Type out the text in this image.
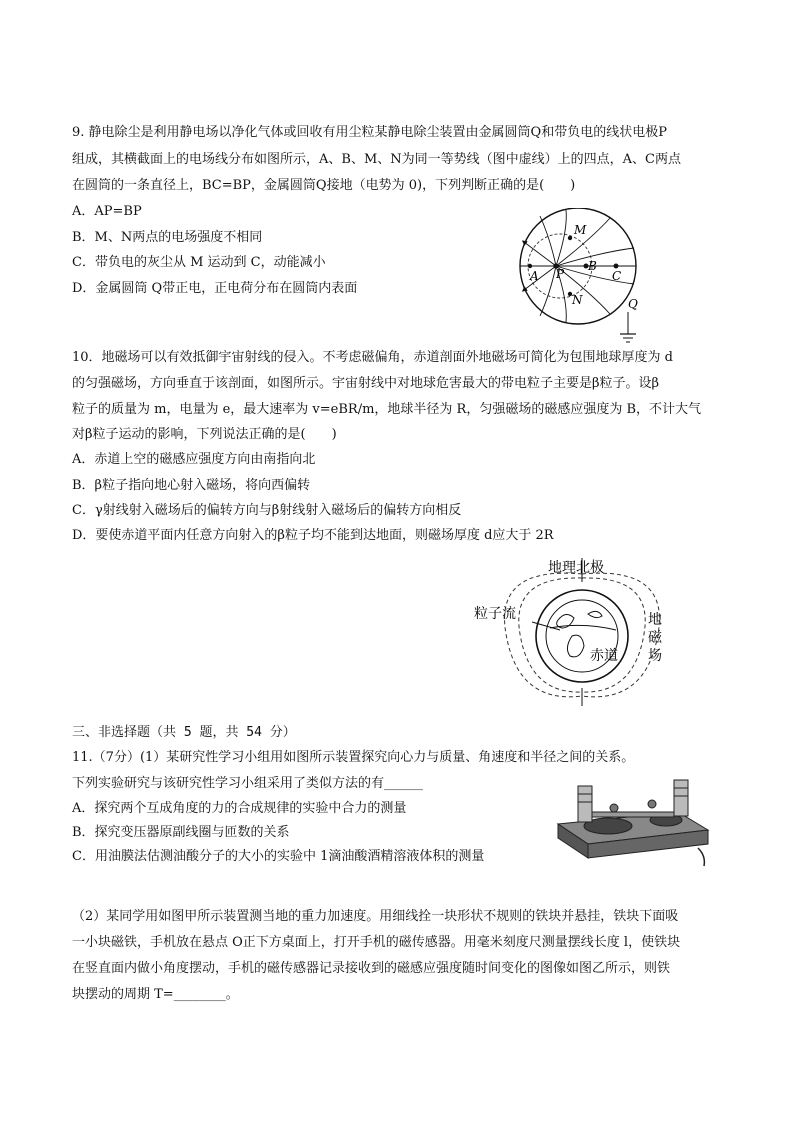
9. 静电除尘是利用静电场以净化气体或回收有用尘粒某静电除尘装置由金属圆筒Q和带负电的线状电极P
组成，其横截面上的电场线分布如图所示，A、B、M、N为同一等势线（图中虚线）上的四点，A、C两点
在圆筒的一条直径上，BC=BP，金属圆筒Q接地（电势为 0)，下列判断正确的是(　　)
A．AP=BP
B．M、N两点的电场强度不相同
C．带负电的灰尘从 M 运动到 C，动能减小
D．金属圆筒 Q带正电，正电荷分布在圆筒内表面
M
A P
B
C
N	Q
10．地磁场可以有效抵御宇宙射线的侵入。不考虑磁偏角，赤道剖面外地磁场可简化为包围地球厚度为 d
的匀强磁场，方向垂直于该剖面，如图所示。宇宙射线中对地球危害最大的带电粒子主要是β粒子。设β
粒子的质量为 m，电量为 e，最大速率为 v=eBR/m，地球半径为 R，匀强磁场的磁感应强度为 B，不计大气
对β粒子运动的影响，下列说法正确的是(　　)
A．赤道上空的磁感应强度方向由南指向北
B．β粒子指向地心射入磁场，将向西偏转
C．γ射线射入磁场后的偏转方向与β射线射入磁场后的偏转方向相反
D．要使赤道平面内任意方向射入的β粒子均不能到达地面，则磁场厚度 d应大于 2R
地理北极
粒子流	地
磁
场
赤道
三、非选择题（共 5 题，共 54 分）
11.（7分）(1）某研究性学习小组用如图所示装置探究向心力与质量、角速度和半径之间的关系。
下列实验研究与该研究性学习小组采用了类似方法的有______
A．探究两个互成角度的力的合成规律的实验中合力的测量
B．探究变压器原副线圈与匝数的关系
C．用油膜法估测油酸分子的大小的实验中 1滴油酸酒精溶液体积的测量
（2）某同学用如图甲所示装置测当地的重力加速度。用细线拴一块形状不规则的铁块并悬挂，铁块下面吸
一小块磁铁，手机放在悬点 O正下方桌面上，打开手机的磁传感器。用毫米刻度尺测量摆线长度 l，使铁块
在竖直面内做小角度摆动，手机的磁传感器记录接收到的磁感应强度随时间变化的图像如图乙所示，则铁
块摆动的周期 T=________。
